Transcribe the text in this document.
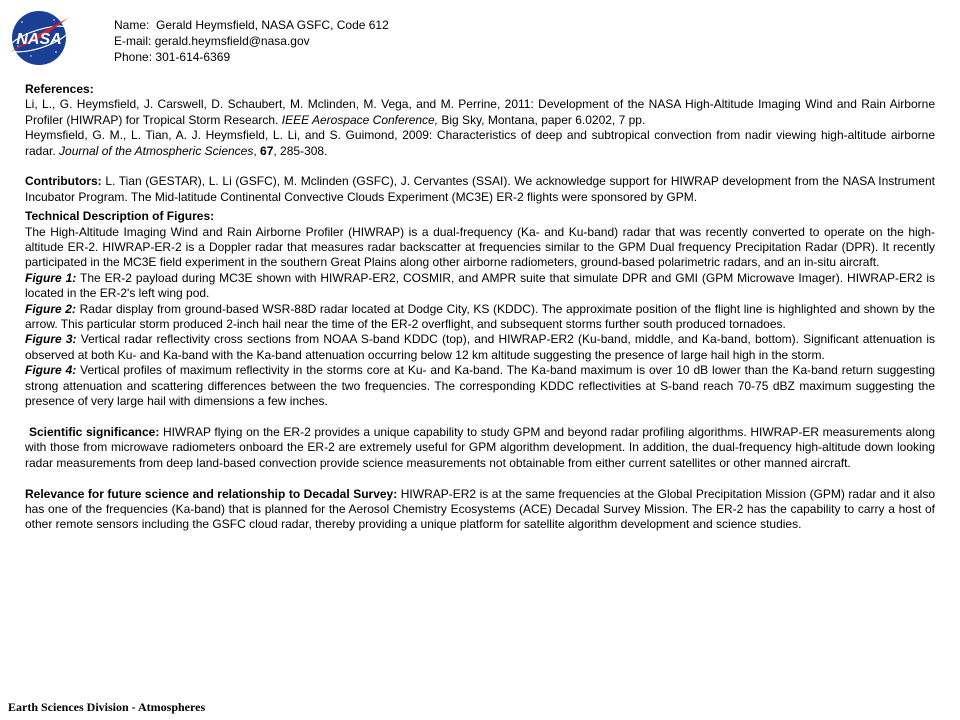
NASA
Name: Gerald Heymsfield, NASA GSFC, Code 612
E-mail: gerald.heymsfield@nasa.gov
Phone: 301-614-6369

References:

Li, L., G. Heymsfield, J. Carswell, D. Schaubert, M. Mclinden, M. Vega, and M. Perrine, 2011: Development of the NASA High-Altitude Imaging Wind and Rain Airborne Profiler (HIWRAP) for Tropical Storm Research. IEEE Aerospace Conference, Big Sky, Montana, paper 6.0202, 7 pp.

Heymsfield, G. M., L. Tian, A. J. Heymsfield, L. Li, and S. Guimond, 2009: Characteristics of deep and subtropical convection from nadir viewing high-altitude airborne radar. Journal of the Atmospheric Sciences, 67, 285-308.

Contributors: L. Tian (GESTAR), L. Li (GSFC), M. Mclinden (GSFC), J. Cervantes (SSAI). We acknowledge support for HIWRAP development from the NASA Instrument Incubator Program. The Mid-latitude Continental Convective Clouds Experiment (MC3E) ER-2 flights were sponsored by GPM.

Technical Description of Figures:

The High-Altitude Imaging Wind and Rain Airborne Profiler (HIWRAP) is a dual-frequency (Ka- and Ku-band) radar that was recently converted to operate on the high-altitude ER-2. HIWRAP-ER-2 is a Doppler radar that measures radar backscatter at frequencies similar to the GPM Dual frequency Precipitation Radar (DPR). It recently participated in the MC3E field experiment in the southern Great Plains along other airborne radiometers, ground-based polarimetric radars, and an in-situ aircraft.

Figure 1: The ER-2 payload during MC3E shown with HIWRAP-ER2, COSMIR, and AMPR suite that simulate DPR and GMI (GPM Microwave Imager). HIWRAP-ER2 is located in the ER-2's left wing pod.

Figure 2: Radar display from ground-based WSR-88D radar located at Dodge City, KS (KDDC). The approximate position of the flight line is highlighted and shown by the arrow. This particular storm produced 2-inch hail near the time of the ER-2 overflight, and subsequent storms further south produced tornadoes.

Figure 3: Vertical radar reflectivity cross sections from NOAA S-band KDDC (top), and HIWRAP-ER2 (Ku-band, middle, and Ka-band, bottom). Significant attenuation is observed at both Ku- and Ka-band with the Ka-band attenuation occurring below 12 km altitude suggesting the presence of large hail high in the storm.

Figure 4: Vertical profiles of maximum reflectivity in the storms core at Ku- and Ka-band. The Ka-band maximum is over 10 dB lower than the Ka-band return suggesting strong attenuation and scattering differences between the two frequencies. The corresponding KDDC reflectivities at S-band reach 70-75 dBZ maximum suggesting the presence of very large hail with dimensions a few inches.

Scientific significance: HIWRAP flying on the ER-2 provides a unique capability to study GPM and beyond radar profiling algorithms. HIWRAP-ER measurements along with those from microwave radiometers onboard the ER-2 are extremely useful for GPM algorithm development. In addition, the dual-frequency high-altitude down looking radar measurements from deep land-based convection provide science measurements not obtainable from either current satellites or other manned aircraft.

Relevance for future science and relationship to Decadal Survey: HIWRAP-ER2 is at the same frequencies at the Global Precipitation Mission (GPM) radar and it also has one of the frequencies (Ka-band) that is planned for the Aerosol Chemistry Ecosystems (ACE) Decadal Survey Mission. The ER-2 has the capability to carry a host of other remote sensors including the GSFC cloud radar, thereby providing a unique platform for satellite algorithm development and science studies.

Earth Sciences Division - Atmospheres
